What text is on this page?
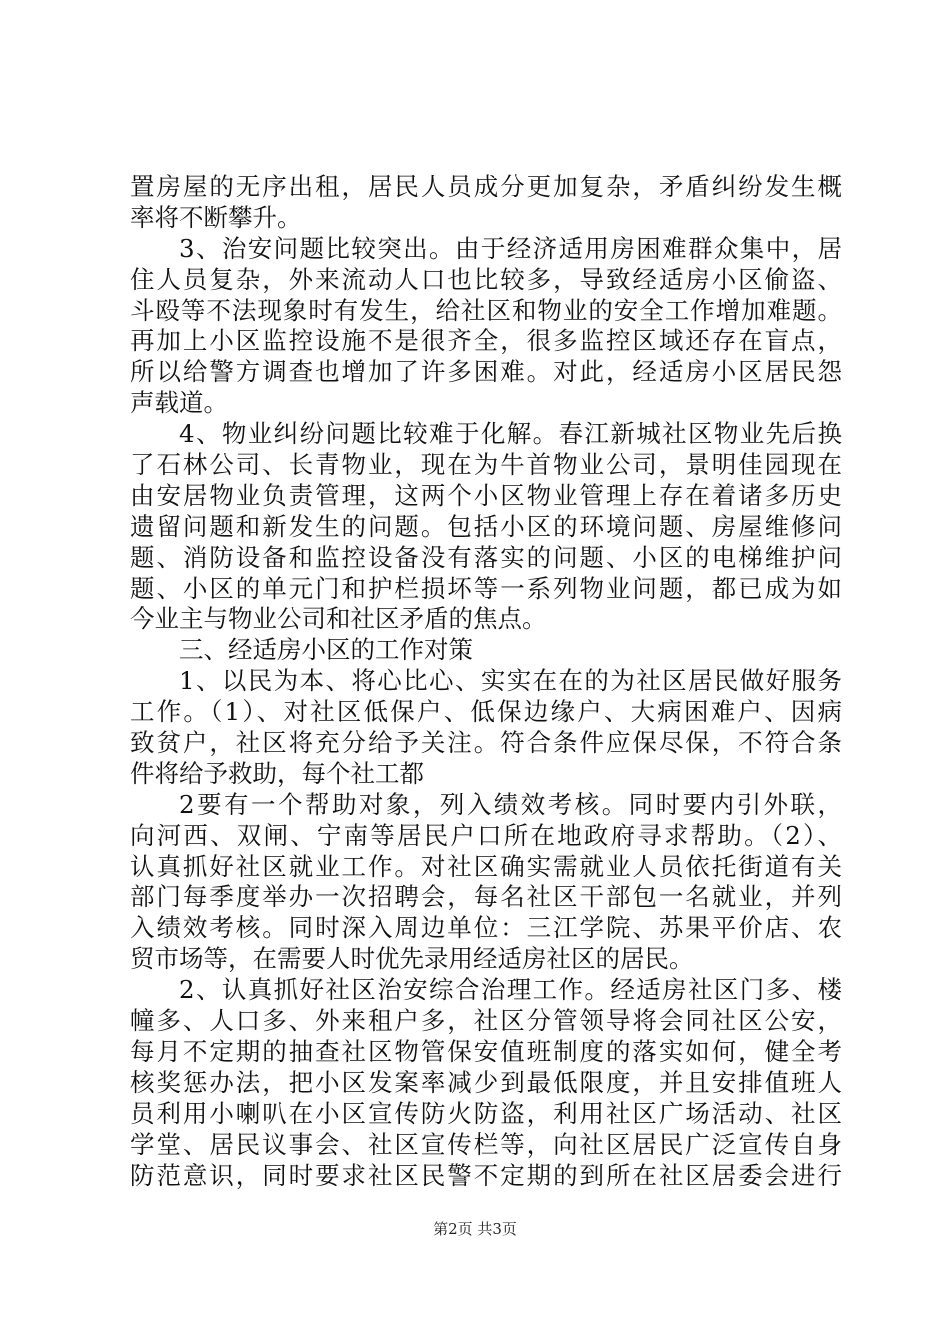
置房屋的无序出租，居民人员成分更加复杂，矛盾纠纷发生概
率将不断攀升。
3、治安问题比较突出。由于经济适用房困难群众集中，居
住人员复杂，外来流动人口也比较多，导致经适房小区偷盗、
斗殴等不法现象时有发生，给社区和物业的安全工作增加难题。
再加上小区监控设施不是很齐全，很多监控区域还存在盲点，
所以给警方调查也增加了许多困难。对此，经适房小区居民怨
声载道。
4、物业纠纷问题比较难于化解。春江新城社区物业先后换
了石林公司、长青物业，现在为牛首物业公司，景明佳园现在
由安居物业负责管理，这两个小区物业管理上存在着诸多历史
遗留问题和新发生的问题。包括小区的环境问题、房屋维修问
题、消防设备和监控设备没有落实的问题、小区的电梯维护问
题、小区的单元门和护栏损坏等一系列物业问题，都已成为如
今业主与物业公司和社区矛盾的焦点。
三、经适房小区的工作对策
1、以民为本、将心比心、实实在在的为社区居民做好服务
工作。（1）、对社区低保户、低保边缘户、大病困难户、因病
致贫户，社区将充分给予关注。符合条件应保尽保，不符合条
件将给予救助，每个社工都
2要有一个帮助对象，列入绩效考核。同时要内引外联，
向河西、双闸、宁南等居民户口所在地政府寻求帮助。（2）、
认真抓好社区就业工作。对社区确实需就业人员依托街道有关
部门每季度举办一次招聘会，每名社区干部包一名就业，并列
入绩效考核。同时深入周边单位：三江学院、苏果平价店、农
贸市场等，在需要人时优先录用经适房社区的居民。
2、认真抓好社区治安综合治理工作。经适房社区门多、楼
幢多、人口多、外来租户多，社区分管领导将会同社区公安，
每月不定期的抽查社区物管保安值班制度的落实如何，健全考
核奖惩办法，把小区发案率减少到最低限度，并且安排值班人
员利用小喇叭在小区宣传防火防盗，利用社区广场活动、社区
学堂、居民议事会、社区宣传栏等，向社区居民广泛宣传自身
防范意识，同时要求社区民警不定期的到所在社区居委会进行
第2页 共3页
